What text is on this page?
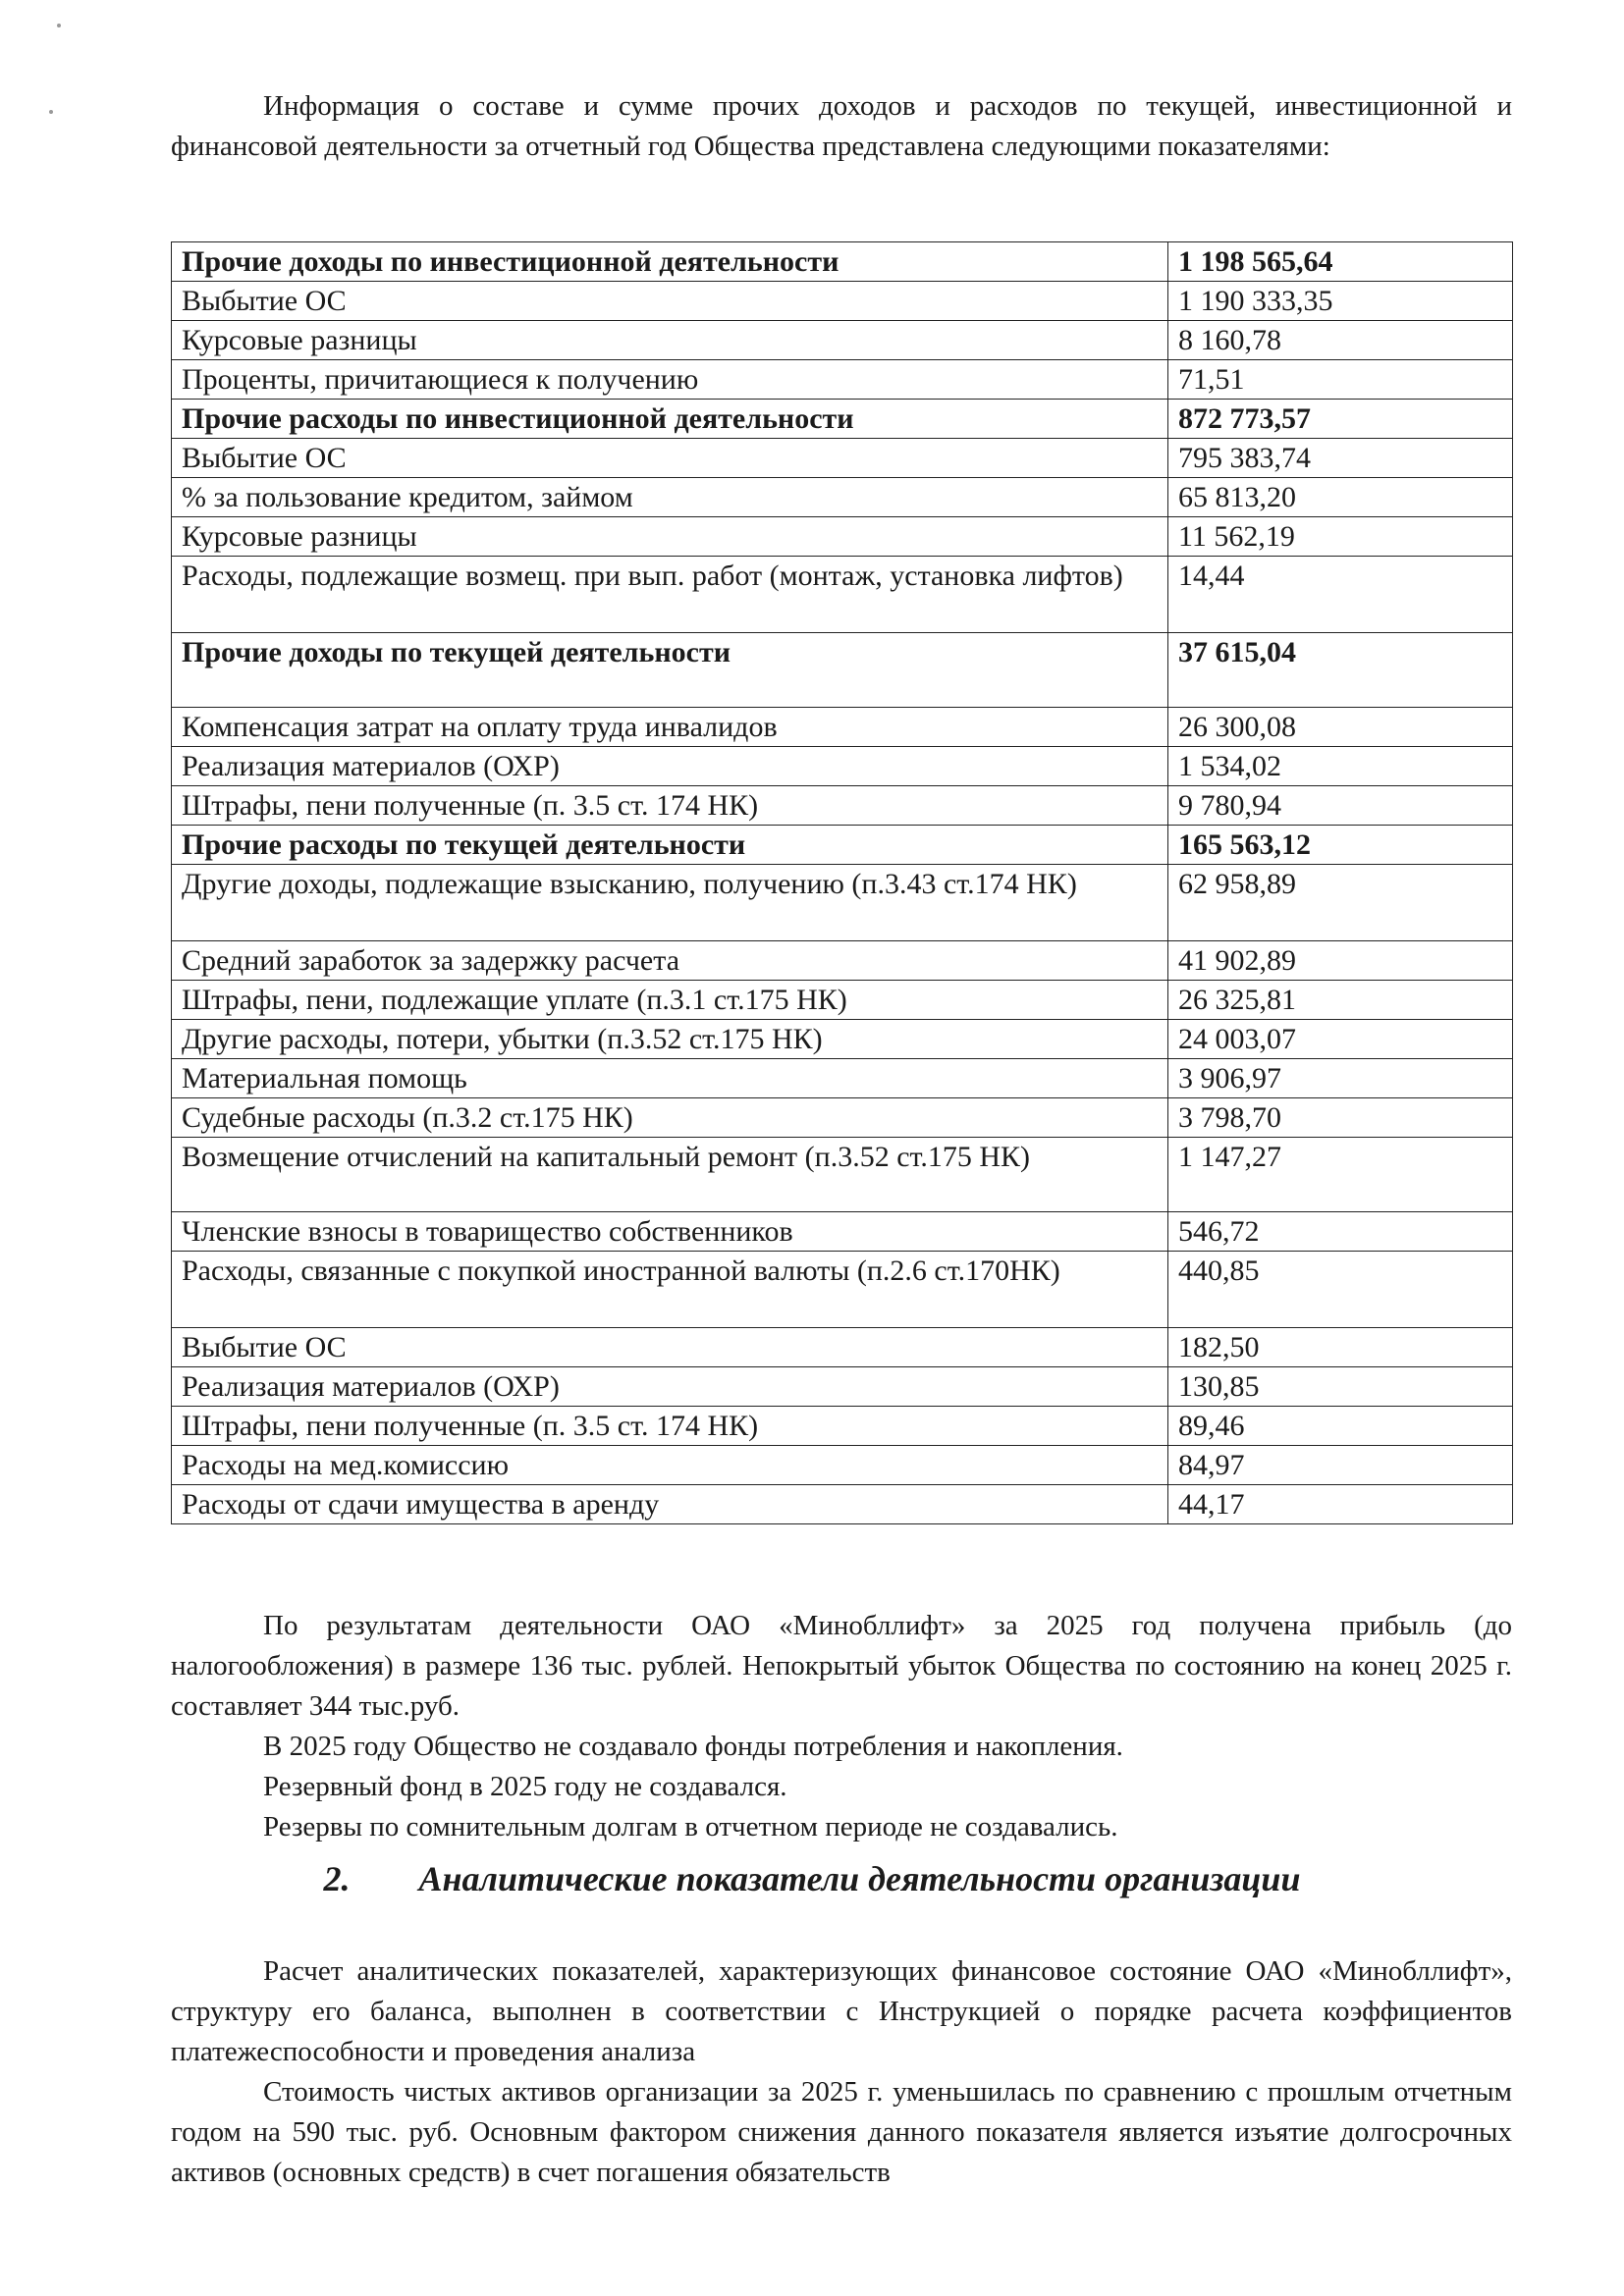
Информация о составе и сумме прочих доходов и расходов по текущей, инвестиционной и финансовой деятельности за отчетный год Общества представлена следующими показателями:

Прочие доходы по инвестиционной деятельности	1 198 565,64
Выбытие ОС	1 190 333,35
Курсовые разницы	8 160,78
Проценты, причитающиеся к получению	71,51
Прочие расходы по инвестиционной деятельности	872 773,57
Выбытие ОС	795 383,74
% за пользование кредитом, займом	65 813,20
Курсовые разницы	11 562,19
Расходы, подлежащие возмещ. при вып. работ (монтаж, установка лифтов)	14,44
Прочие доходы по текущей деятельности	37 615,04
Компенсация затрат на оплату труда инвалидов	26 300,08
Реализация материалов (ОХР)	1 534,02
Штрафы, пени полученные (п. 3.5 ст. 174 НК)	9 780,94
Прочие расходы по текущей деятельности	165 563,12
Другие доходы, подлежащие взысканию, получению (п.3.43 ст.174 НК)	62 958,89
Средний заработок за задержку расчета	41 902,89
Штрафы, пени, подлежащие уплате (п.3.1 ст.175 НК)	26 325,81
Другие расходы, потери, убытки (п.3.52 ст.175 НК)	24 003,07
Материальная помощь	3 906,97
Судебные расходы (п.3.2 ст.175 НК)	3 798,70
Возмещение отчислений на капитальный ремонт (п.3.52 ст.175 НК)	1 147,27
Членские взносы в товарищество собственников	546,72
Расходы, связанные с покупкой иностранной валюты (п.2.6 ст.170НК)	440,85
Выбытие ОС	182,50
Реализация материалов (ОХР)	130,85
Штрафы, пени полученные (п. 3.5 ст. 174 НК)	89,46
Расходы на мед.комиссию	84,97
Расходы от сдачи имущества в аренду	44,17

По результатам деятельности ОАО «Минобллифт» за 2025 год получена прибыль (до налогообложения) в размере 136 тыс. рублей. Непокрытый убыток Общества по состоянию на конец 2025 г. составляет 344 тыс.руб.

В 2025 году Общество не создавало фонды потребления и накопления.

Резервный фонд в 2025 году не создавался.

Резервы по сомнительным долгам в отчетном периоде не создавались.

2. Аналитические показатели деятельности организации

Расчет аналитических показателей, характеризующих финансовое состояние ОАО «Минобллифт», структуру его баланса, выполнен в соответствии с Инструкцией о порядке расчета коэффициентов платежеспособности и проведения анализа

Стоимость чистых активов организации за 2025 г. уменьшилась по сравнению с прошлым отчетным годом на 590 тыс. руб. Основным фактором снижения данного показателя является изъятие долгосрочных активов (основных средств) в счет погашения обязательств
